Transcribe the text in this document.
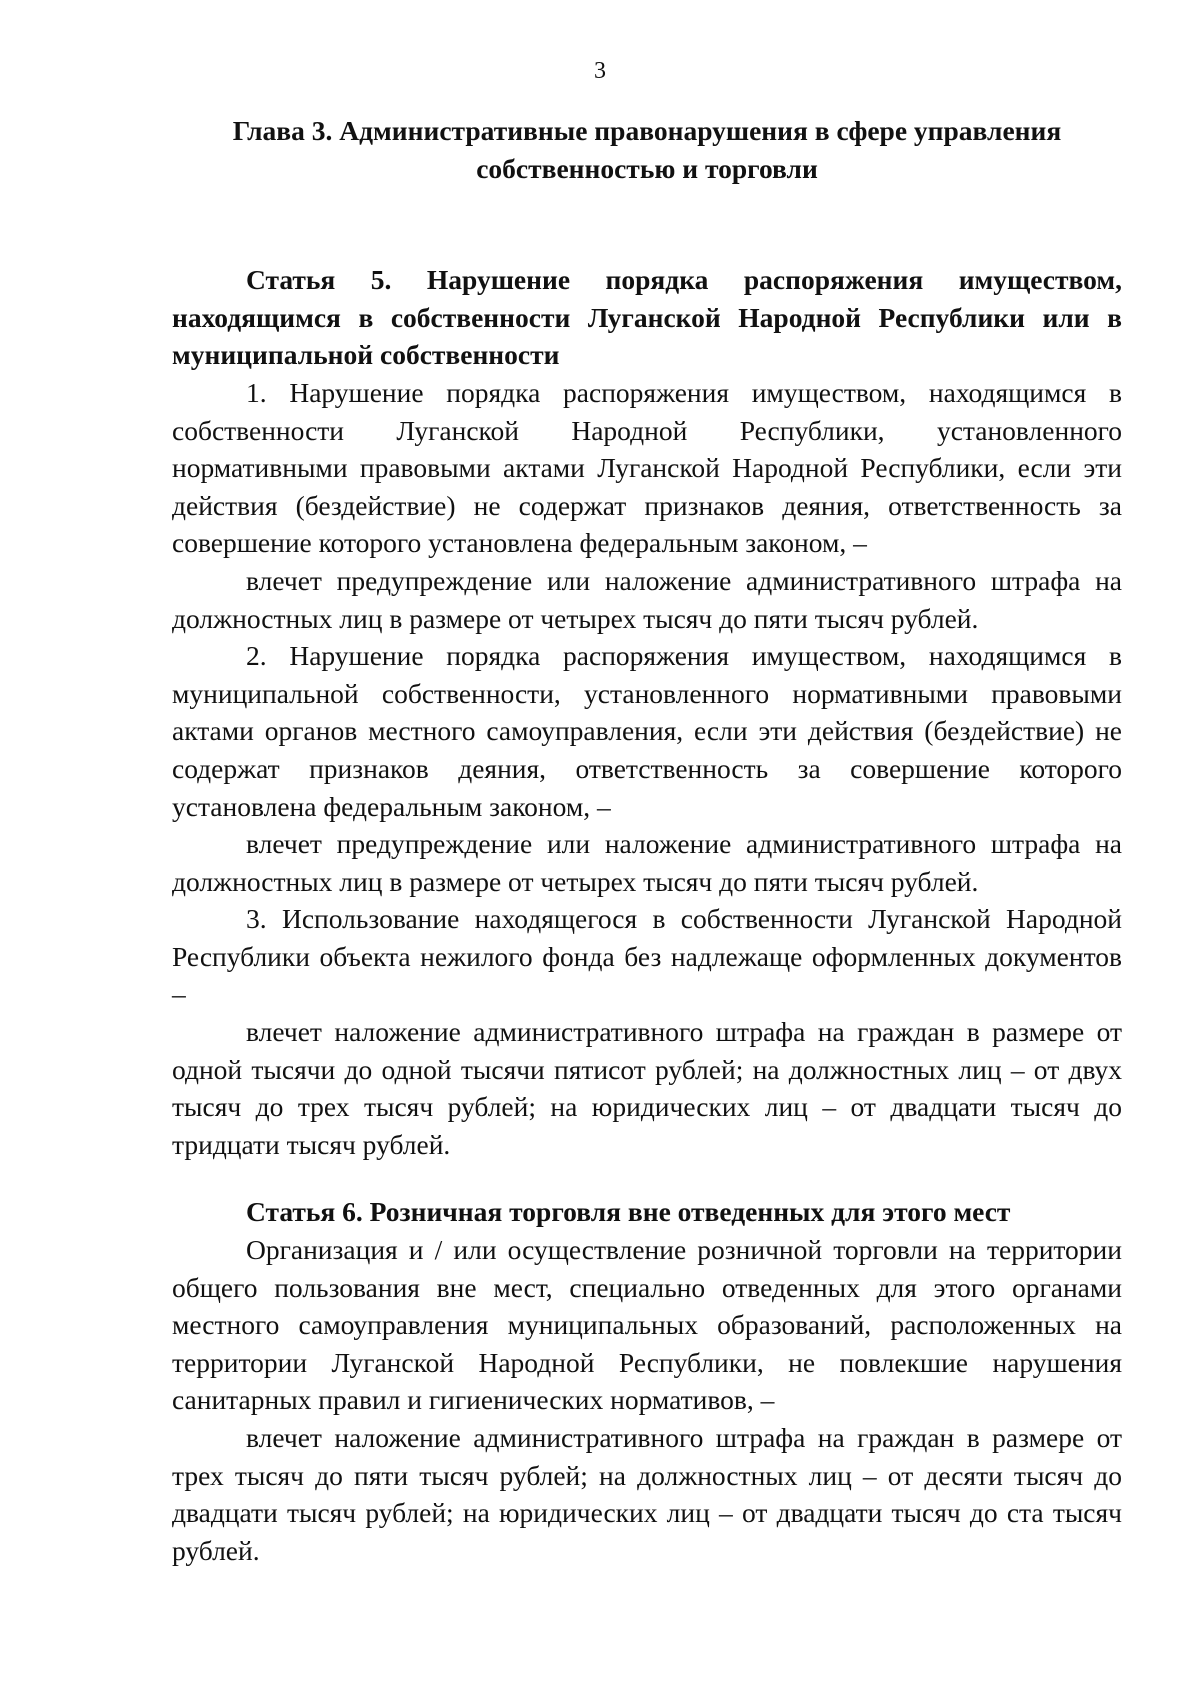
3
Глава 3. Административные правонарушения в сфере управления
собственностью и торговли
Статья 5. Нарушение порядка распоряжения имуществом, находящимся в собственности Луганской Народной Республики или в муниципальной собственности

1. Нарушение порядка распоряжения имуществом, находящимся в собственности Луганской Народной Республики, установленного нормативными правовыми актами Луганской Народной Республики, если эти действия (бездействие) не содержат признаков деяния, ответственность за совершение которого установлена федеральным законом, –

влечет предупреждение или наложение административного штрафа на должностных лиц в размере от четырех тысяч до пяти тысяч рублей.

2. Нарушение порядка распоряжения имуществом, находящимся в муниципальной собственности, установленного нормативными правовыми актами органов местного самоуправления, если эти действия (бездействие) не содержат признаков деяния, ответственность за совершение которого установлена федеральным законом, –

влечет предупреждение или наложение административного штрафа на должностных лиц в размере от четырех тысяч до пяти тысяч рублей.

3. Использование находящегося в собственности Луганской Народной Республики объекта нежилого фонда без надлежаще оформленных документов –

влечет наложение административного штрафа на граждан в размере от одной тысячи до одной тысячи пятисот рублей; на должностных лиц – от двух тысяч до трех тысяч рублей; на юридических лиц – от двадцати тысяч до тридцати тысяч рублей.

Статья 6. Розничная торговля вне отведенных для этого мест

Организация и / или осуществление розничной торговли на территории общего пользования вне мест, специально отведенных для этого органами местного самоуправления муниципальных образований, расположенных на территории Луганской Народной Республики, не повлекшие нарушения санитарных правил и гигиенических нормативов, –

влечет наложение административного штрафа на граждан в размере от трех тысяч до пяти тысяч рублей; на должностных лиц – от десяти тысяч до двадцати тысяч рублей; на юридических лиц – от двадцати тысяч до ста тысяч рублей.
